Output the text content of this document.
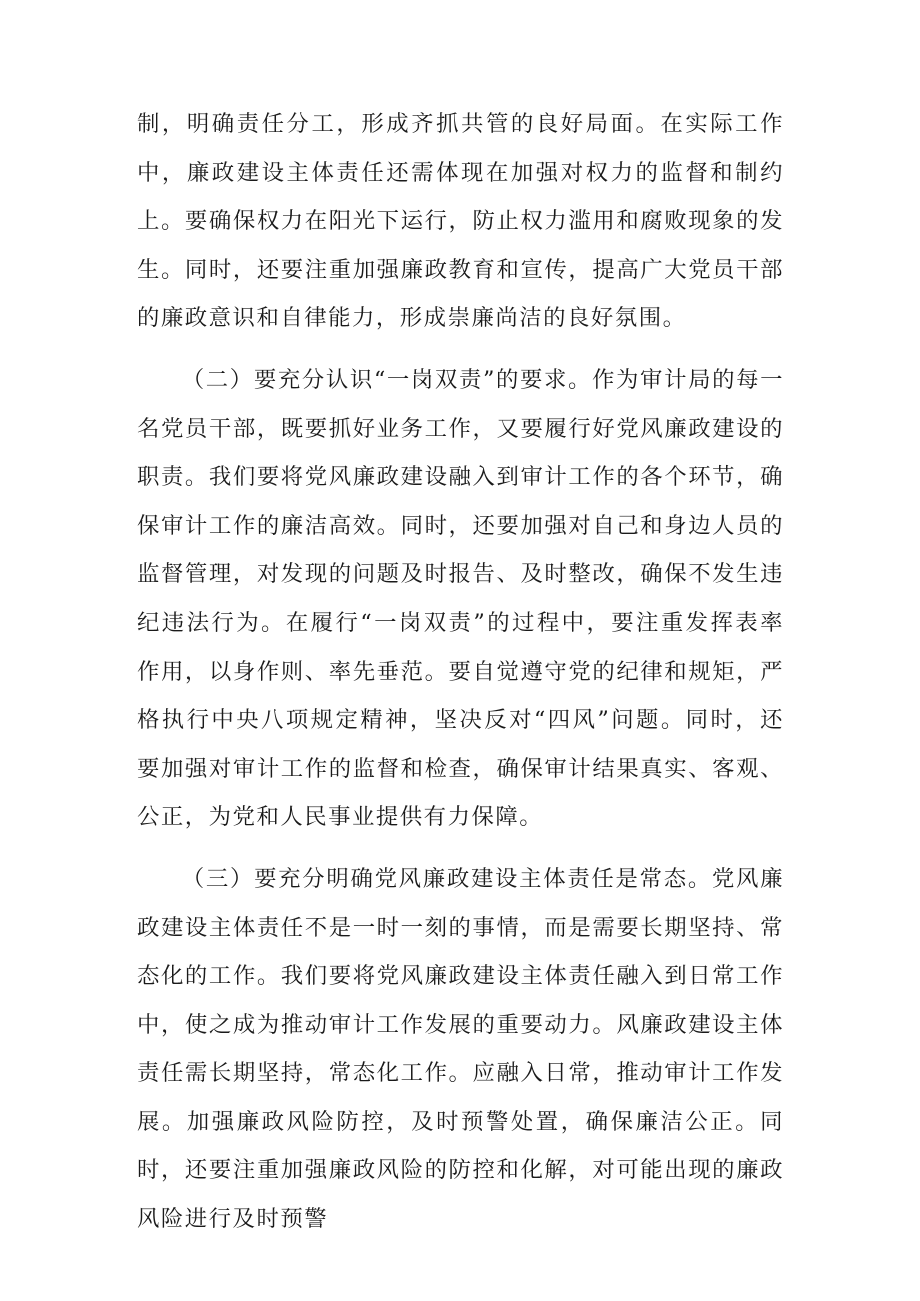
制，明确责任分工，形成齐抓共管的良好局面。在实际工作中，廉政建设主体责任还需体现在加强对权力的监督和制约上。要确保权力在阳光下运行，防止权力滥用和腐败现象的发生。同时，还要注重加强廉政教育和宣传，提高广大党员干部的廉政意识和自律能力，形成崇廉尚洁的良好氛围。

（二）要充分认识“一岗双责”的要求。作为审计局的每一名党员干部，既要抓好业务工作，又要履行好党风廉政建设的职责。我们要将党风廉政建设融入到审计工作的各个环节，确保审计工作的廉洁高效。同时，还要加强对自己和身边人员的监督管理，对发现的问题及时报告、及时整改，确保不发生违纪违法行为。在履行“一岗双责”的过程中，要注重发挥表率作用，以身作则、率先垂范。要自觉遵守党的纪律和规矩，严格执行中央八项规定精神，坚决反对“四风”问题。同时，还要加强对审计工作的监督和检查，确保审计结果真实、客观、公正，为党和人民事业提供有力保障。

（三）要充分明确党风廉政建设主体责任是常态。党风廉政建设主体责任不是一时一刻的事情，而是需要长期坚持、常态化的工作。我们要将党风廉政建设主体责任融入到日常工作中，使之成为推动审计工作发展的重要动力。风廉政建设主体责任需长期坚持，常态化工作。应融入日常，推动审计工作发展。加强廉政风险防控，及时预警处置，确保廉洁公正。同时，还要注重加强廉政风险的防控和化解，对可能出现的廉政风险进行及时预警
